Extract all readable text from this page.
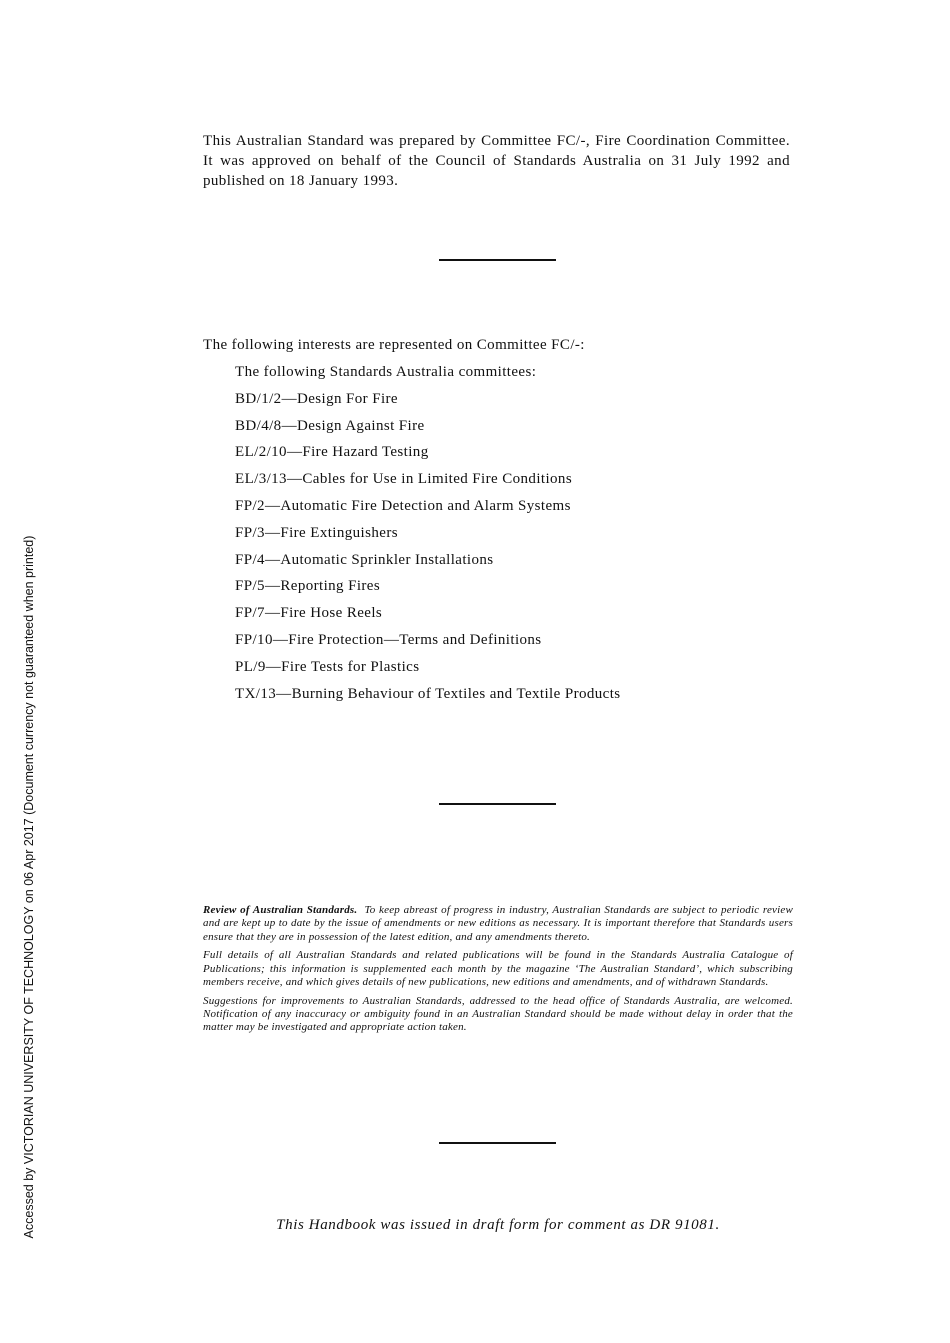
Accessed by VICTORIAN UNIVERSITY OF TECHNOLOGY on 06 Apr 2017 (Document currency not guaranteed when printed)

This Australian Standard was prepared by Committee FC/-, Fire Coordination Committee. It was approved on behalf of the Council of Standards Australia on 31 July 1992 and published on 18 January 1993.

The following interests are represented on Committee FC/-:
The following Standards Australia committees:
BD/1/2—Design For Fire
BD/4/8—Design Against Fire
EL/2/10—Fire Hazard Testing
EL/3/13—Cables for Use in Limited Fire Conditions
FP/2—Automatic Fire Detection and Alarm Systems
FP/3—Fire Extinguishers
FP/4—Automatic Sprinkler Installations
FP/5—Reporting Fires
FP/7—Fire Hose Reels
FP/10—Fire Protection—Terms and Definitions
PL/9—Fire Tests for Plastics
TX/13—Burning Behaviour of Textiles and Textile Products

Review of Australian Standards. To keep abreast of progress in industry, Australian Standards are subject to periodic review and are kept up to date by the issue of amendments or new editions as necessary. It is important therefore that Standards users ensure that they are in possession of the latest edition, and any amendments thereto.

Full details of all Australian Standards and related publications will be found in the Standards Australia Catalogue of Publications; this information is supplemented each month by the magazine ‘The Australian Standard’, which subscribing members receive, and which gives details of new publications, new editions and amendments, and of withdrawn Standards.

Suggestions for improvements to Australian Standards, addressed to the head office of Standards Australia, are welcomed. Notification of any inaccuracy or ambiguity found in an Australian Standard should be made without delay in order that the matter may be investigated and appropriate action taken.

This Handbook was issued in draft form for comment as DR 91081.
